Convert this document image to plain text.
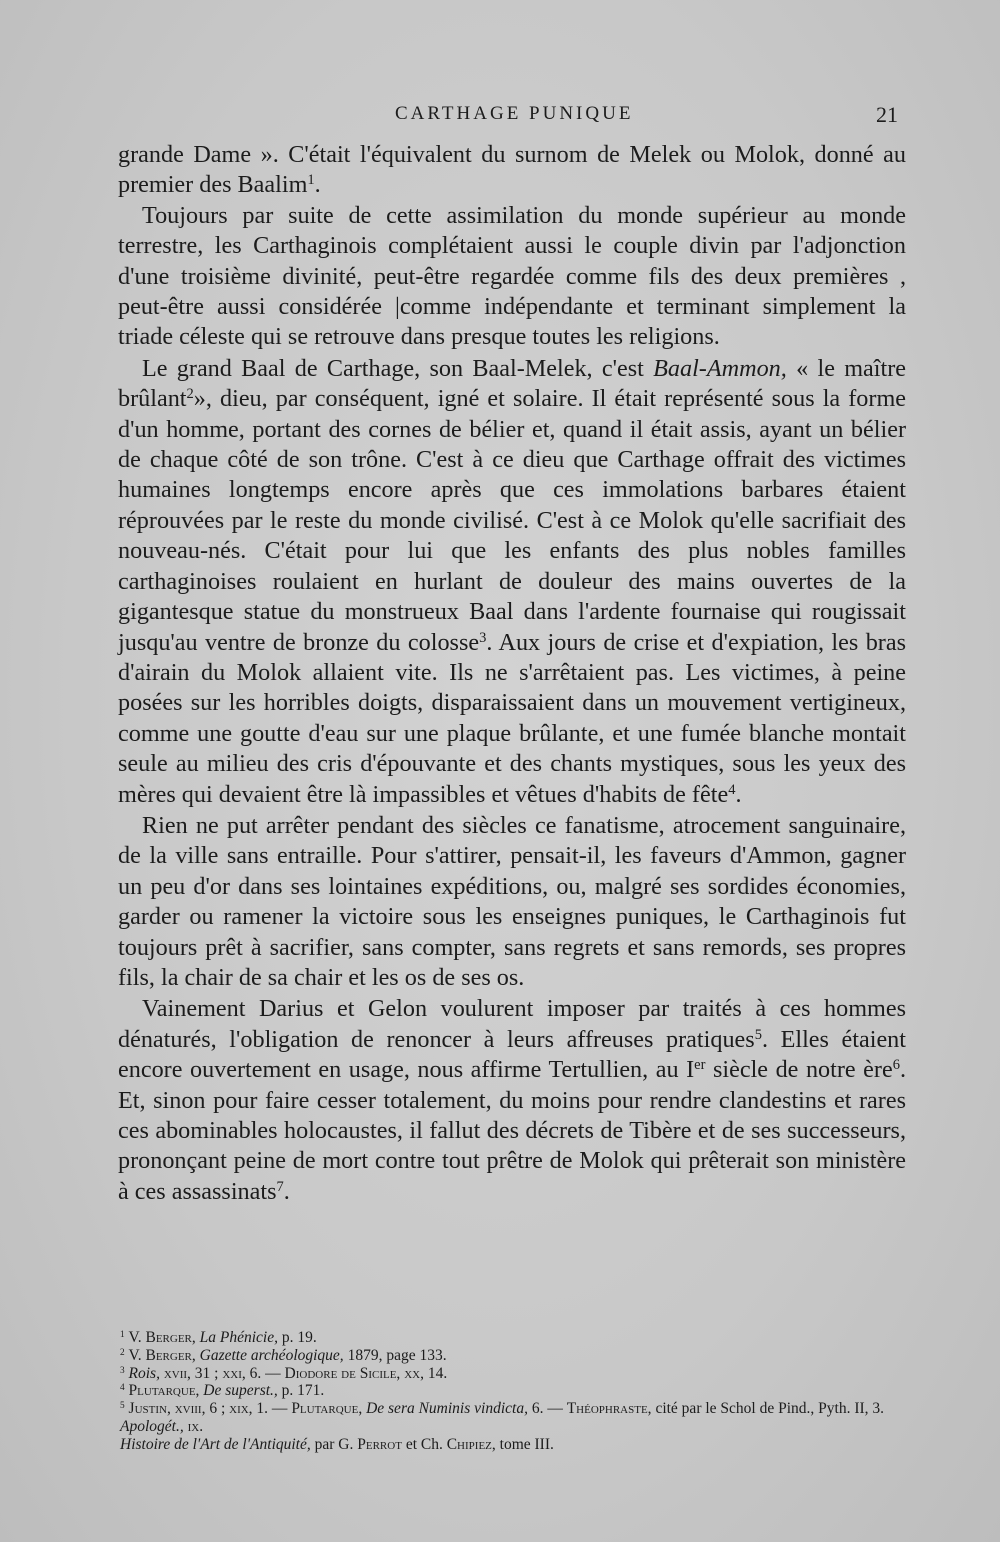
CARTHAGE PUNIQUE	21

grande Dame ». C'était l'équivalent du surnom de Melek ou Molok, donné au premier des Baalim$^1$.

Toujours par suite de cette assimilation du monde supérieur au monde terrestre, les Carthaginois complétaient aussi le couple divin par l'adjonction d'une troisième divinité, peut-être regardée comme fils des deux premières , peut-être aussi considérée |comme indépendante et terminant simplement la triade céleste qui se retrouve dans presque toutes les religions.

Le grand Baal de Carthage, son Baal-Melek, c'est Baal-Ammon, « le maître brûlant$^2$», dieu, par conséquent, igné et solaire. Il était représenté sous la forme d'un homme, portant des cornes de bélier et, quand il était assis, ayant un bélier de chaque côté de son trône. C'est à ce dieu que Carthage offrait des victimes humaines longtemps encore après que ces immolations barbares étaient réprouvées par le reste du monde civilisé. C'est à ce Molok qu'elle sacrifiait des nouveau-nés. C'était pour lui que les enfants des plus nobles familles carthaginoises roulaient en hurlant de douleur des mains ouvertes de la gigantesque statue du monstrueux Baal dans l'ardente fournaise qui rougissait jusqu'au ventre de bronze du colosse$^3$. Aux jours de crise et d'expiation, les bras d'airain du Molok allaient vite. Ils ne s'arrêtaient pas. Les victimes, à peine posées sur les horribles doigts, disparaissaient dans un mouvement vertigineux, comme une goutte d'eau sur une plaque brûlante, et une fumée blanche montait seule au milieu des cris d'épouvante et des chants mystiques, sous les yeux des mères qui devaient être là impassibles et vêtues d'habits de fête$^4$.

Rien ne put arrêter pendant des siècles ce fanatisme, atrocement sanguinaire, de la ville sans entraille. Pour s'attirer, pensait-il, les faveurs d'Ammon, gagner un peu d'or dans ses lointaines expéditions, ou, malgré ses sordides économies, garder ou ramener la victoire sous les enseignes puniques, le Carthaginois fut toujours prêt à sacrifier, sans compter, sans regrets et sans remords, ses propres fils, la chair de sa chair et les os de ses os.

Vainement Darius et Gelon voulurent imposer par traités à ces hommes dénaturés, l'obligation de renoncer à leurs affreuses pratiques$^5$. Elles étaient encore ouvertement en usage, nous affirme Tertullien, au Ier siècle de notre ère$^6$. Et, sinon pour faire cesser totalement, du moins pour rendre clandestins et rares ces abominables holocaustes, il fallut des décrets de Tibère et de ses successeurs, prononçant peine de mort contre tout prêtre de Molok qui prêterait son ministère à ces assassinats$^7$.

$^1$ V. Berger, La Phénicie, p. 19.
$^2$ V. Berger, Gazette archéologique, 1879, page 133.
$^3$ Rois, xvii, 31 ; xxi, 6. — Diodore de Sicile, xx, 14.
$^4$ Plutarque, De superst., p. 171.
$^5$ Justin, xviii, 6 ; xix, 1. — Plutarque, De sera Numinis vindicta, 6. — Théophraste, cité par le Schol de Pind., Pyth. II, 3.
Apologét., ix.
Histoire de l'Art de l'Antiquité, par G. Perrot et Ch. Chipiez, tome III.
